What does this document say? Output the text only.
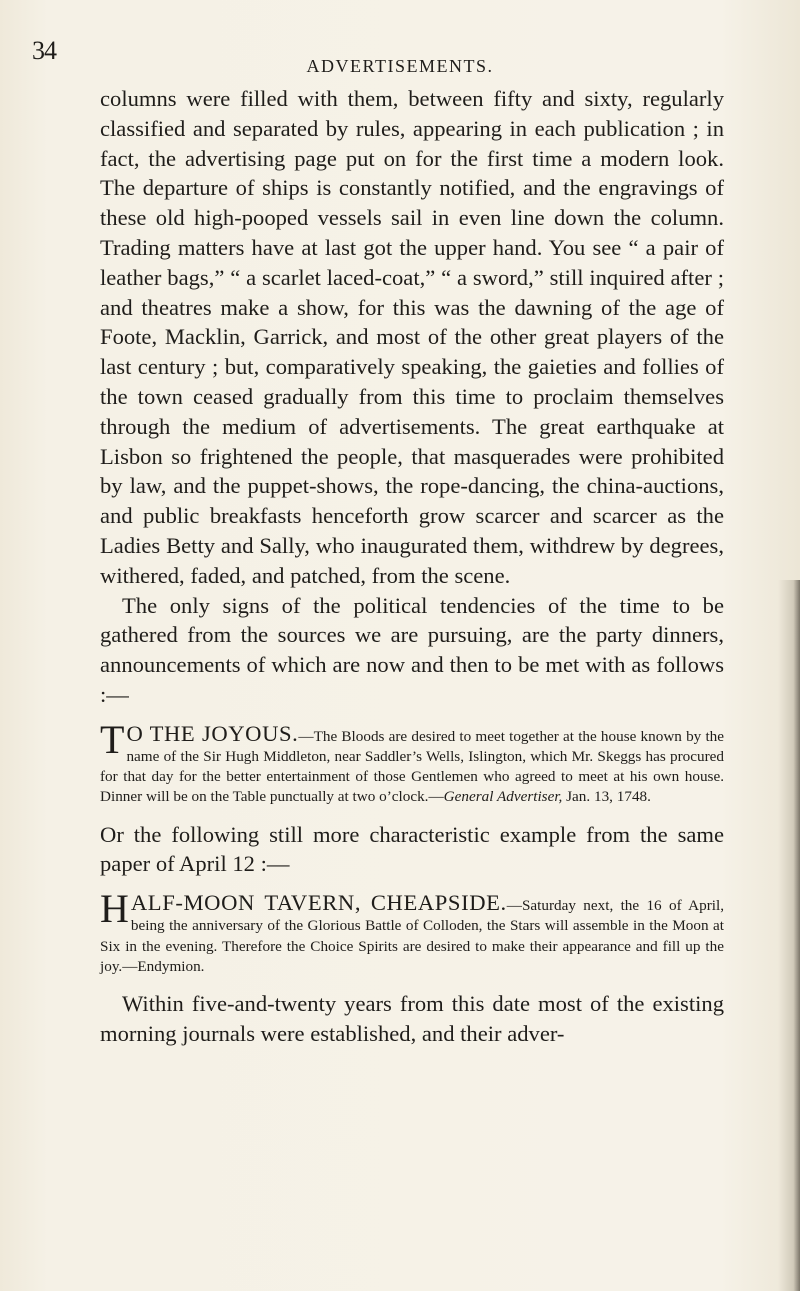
34
ADVERTISEMENTS.

columns were filled with them, between fifty and sixty, regularly classified and separated by rules, appearing in each publication ; in fact, the advertising page put on for the first time a modern look. The departure of ships is constantly notified, and the engravings of these old high-pooped vessels sail in even line down the column. Trading matters have at last got the upper hand. You see “ a pair of leather bags,” “ a scarlet laced-coat,” “ a sword,” still inquired after ; and theatres make a show, for this was the dawning of the age of Foote, Macklin, Garrick, and most of the other great players of the last century ; but, comparatively speaking, the gaieties and follies of the town ceased gradually from this time to proclaim themselves through the medium of advertisements. The great earthquake at Lisbon so frightened the people, that masquerades were prohibited by law, and the puppet-shows, the rope-dancing, the china-auctions, and public breakfasts henceforth grow scarcer and scarcer as the Ladies Betty and Sally, who inaugurated them, withdrew by degrees, withered, faded, and patched, from the scene.

The only signs of the political tendencies of the time to be gathered from the sources we are pursuing, are the party dinners, announcements of which are now and then to be met with as follows :—

T O THE JOYOUS.—The Bloods are desired to meet together at the house known by the name of the Sir Hugh Middleton, near Saddler’s Wells, Islington, which Mr. Skeggs has procured for that day for the better entertainment of those Gentlemen who agreed to meet at his own house. Dinner will be on the Table punctually at two o’clock.—General Advertiser, Jan. 13, 1748.

Or the following still more characteristic example from the same paper of April 12 :—

HALF-MOON TAVERN, CHEAPSIDE.—Saturday next, the 16 of April, being the anniversary of the Glorious Battle of Colloden, the Stars will assemble in the Moon at Six in the evening. Therefore the Choice Spirits are desired to make their appearance and fill up the joy.—Endymion.

Within five-and-twenty years from this date most of the existing morning journals were established, and their adver-
